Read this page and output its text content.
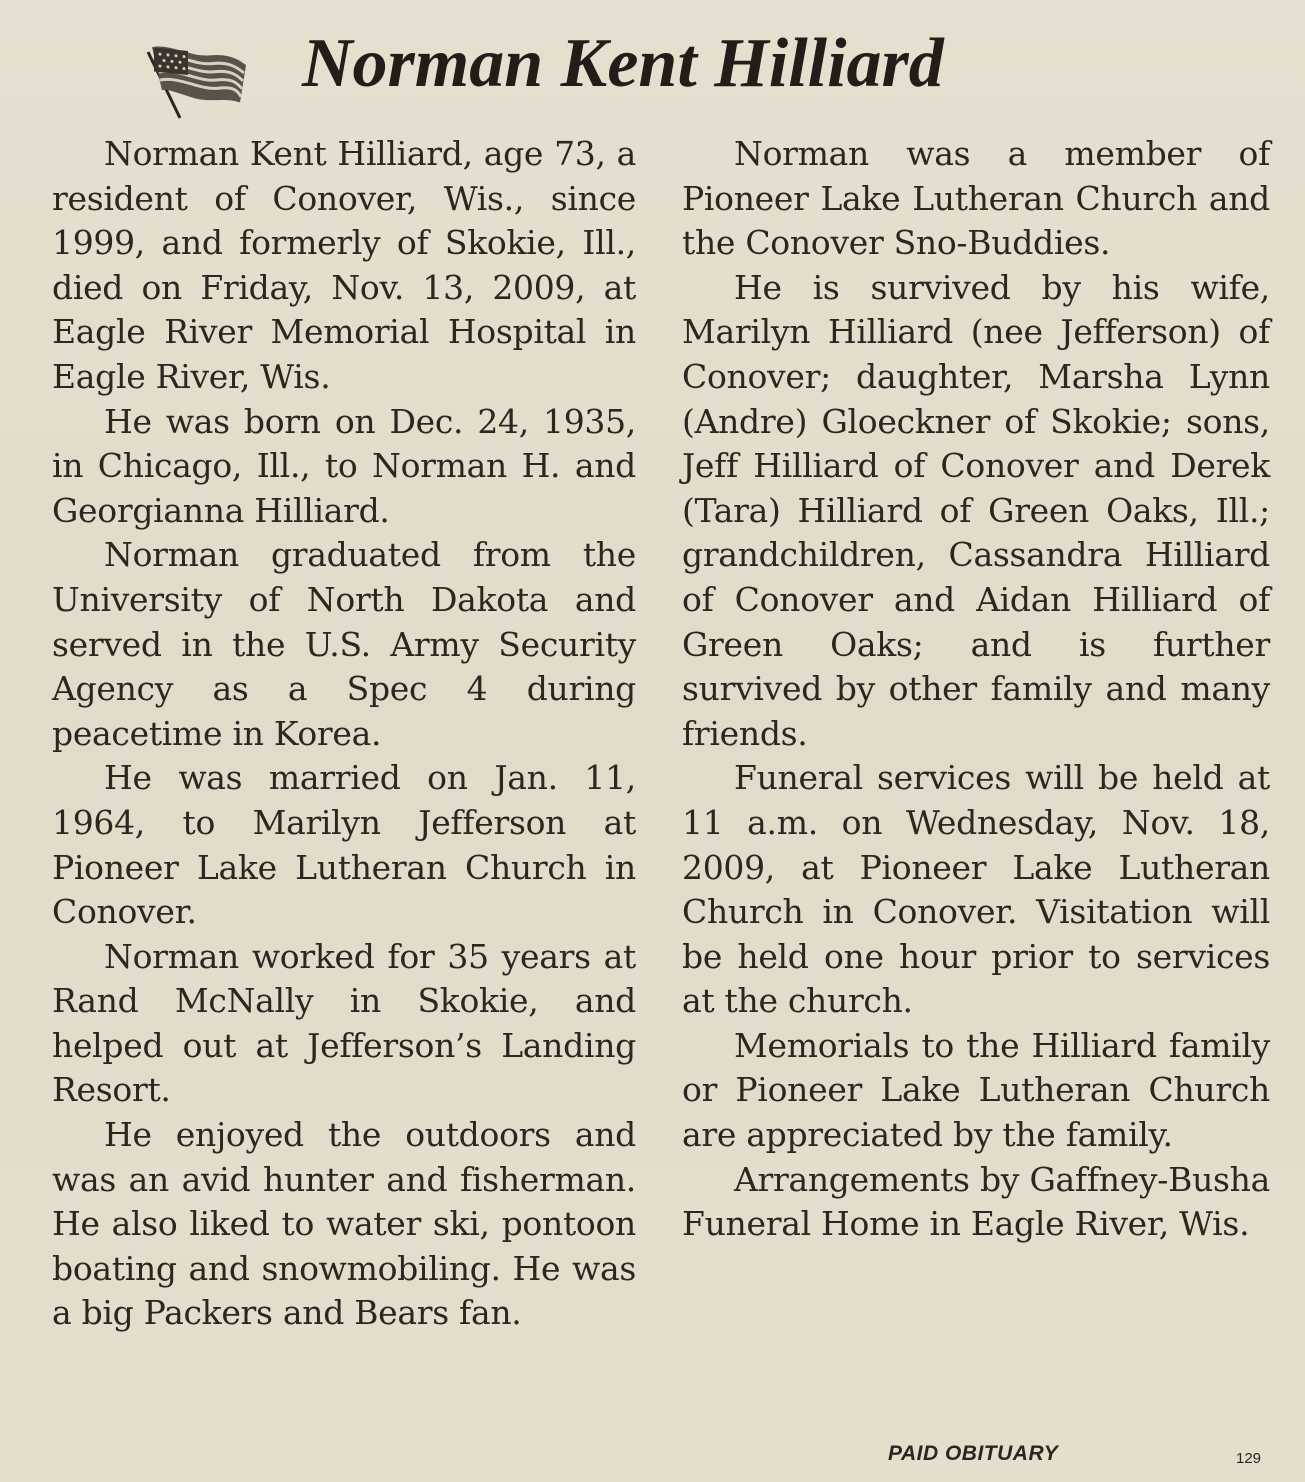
Norman Kent Hilliard

Norman Kent Hilliard, age 73, a resident of Conover, Wis., since 1999, and formerly of Skokie, Ill., died on Friday, Nov. 13, 2009, at Eagle River Memorial Hospital in Eagle River, Wis.

He was born on Dec. 24, 1935, in Chicago, Ill., to Norman H. and Georgianna Hilliard.

Norman graduated from the University of North Dakota and served in the U.S. Army Security Agency as a Spec 4 during peacetime in Korea.

He was married on Jan. 11, 1964, to Marilyn Jefferson at Pioneer Lake Lutheran Church in Conover.

Norman worked for 35 years at Rand McNally in Skokie, and helped out at Jefferson’s Landing Resort.

He enjoyed the outdoors and was an avid hunter and fisherman. He also liked to water ski, pontoon boating and snowmobiling. He was a big Packers and Bears fan.

Norman was a member of Pioneer Lake Lutheran Church and the Conover Sno-Buddies.

He is survived by his wife, Marilyn Hilliard (nee Jefferson) of Conover; daughter, Marsha Lynn (Andre) Gloeckner of Skokie; sons, Jeff Hilliard of Conover and Derek (Tara) Hilliard of Green Oaks, Ill.; grandchildren, Cassandra Hilliard of Conover and Aidan Hilliard of Green Oaks; and is further survived by other family and many friends.

Funeral services will be held at 11 a.m. on Wednesday, Nov. 18, 2009, at Pioneer Lake Lutheran Church in Conover. Visitation will be held one hour prior to services at the church.

Memorials to the Hilliard family or Pioneer Lake Lutheran Church are appreciated by the family.

Arrangements by Gaffney-Busha Funeral Home in Eagle River, Wis.

PAID OBITUARY	129
